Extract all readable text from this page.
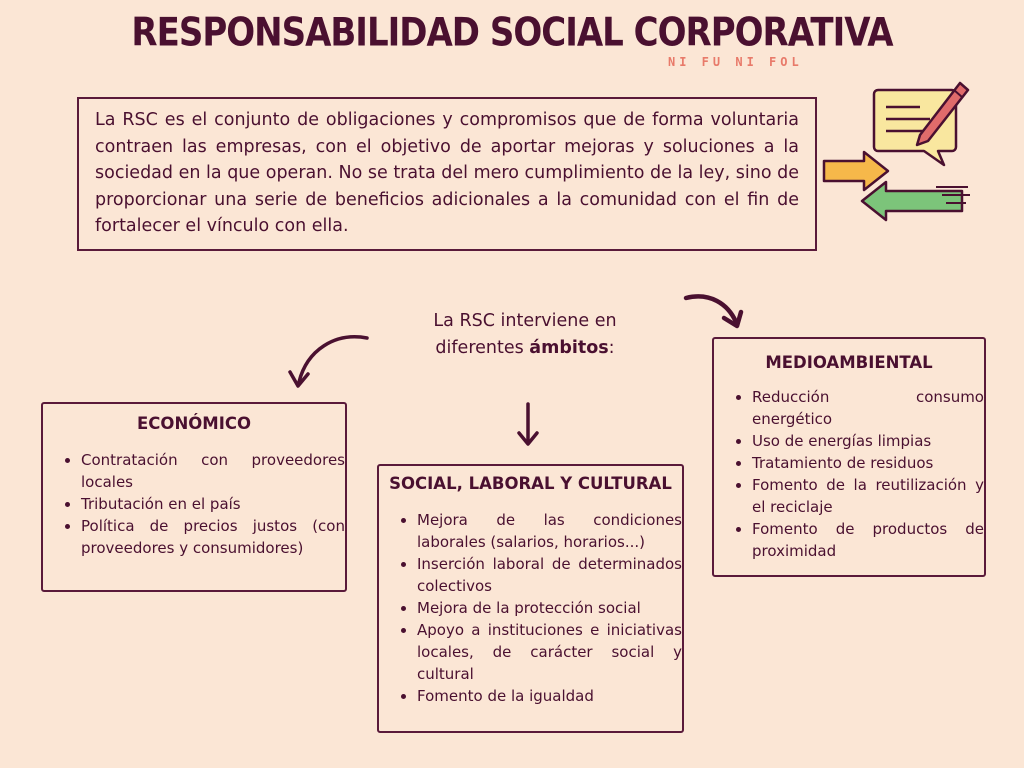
RESPONSABILIDAD SOCIAL CORPORATIVA
NI FU NI FOL
La RSC es el conjunto de obligaciones y compromisos que de forma voluntaria contraen las empresas, con el objetivo de aportar mejoras y soluciones a la sociedad en la que operan. No se trata del mero cumplimiento de la ley, sino de proporcionar una serie de beneficios adicionales a la comunidad con el fin de fortalecer el vínculo con ella.
La RSC interviene en
diferentes ámbitos:
ECONÓMICO
• Contratación con proveedores locales
• Tributación en el país
• Política de precios justos (con proveedores y consumidores)
SOCIAL, LABORAL Y CULTURAL
• Mejora de las condiciones laborales (salarios, horarios...)
• Inserción laboral de determinados colectivos
• Mejora de la protección social
• Apoyo a instituciones e iniciativas locales, de carácter social y cultural
• Fomento de la igualdad
MEDIOAMBIENTAL
• Reducción consumo energético
• Uso de energías limpias
• Tratamiento de residuos
• Fomento de la reutilización y el reciclaje
• Fomento de productos de proximidad
